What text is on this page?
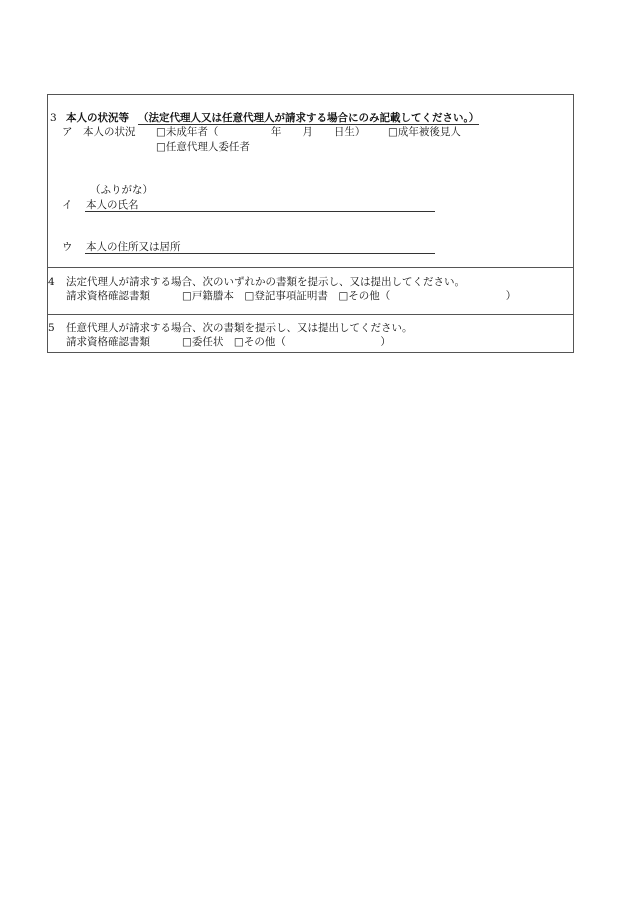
3 本人の状況等 （法定代理人又は任意代理人が請求する場合にのみ記載してください。）
ア　本人の状況 □未成年者（　　　　　年　　月　　日生） □成年被後見人
□任意代理人委任者
（ふりがな）
イ 本人の氏名
ウ 本人の住所又は居所
4 法定代理人が請求する場合、次のいずれかの書類を提示し、又は提出してください。
請求資格確認書類	□戸籍謄本　□登記事項証明書　□その他（　　　　　　　　　　　）
5 任意代理人が請求する場合、次の書類を提示し、又は提出してください。
請求資格確認書類	□委任状　□その他（　　　　　　　　　）
